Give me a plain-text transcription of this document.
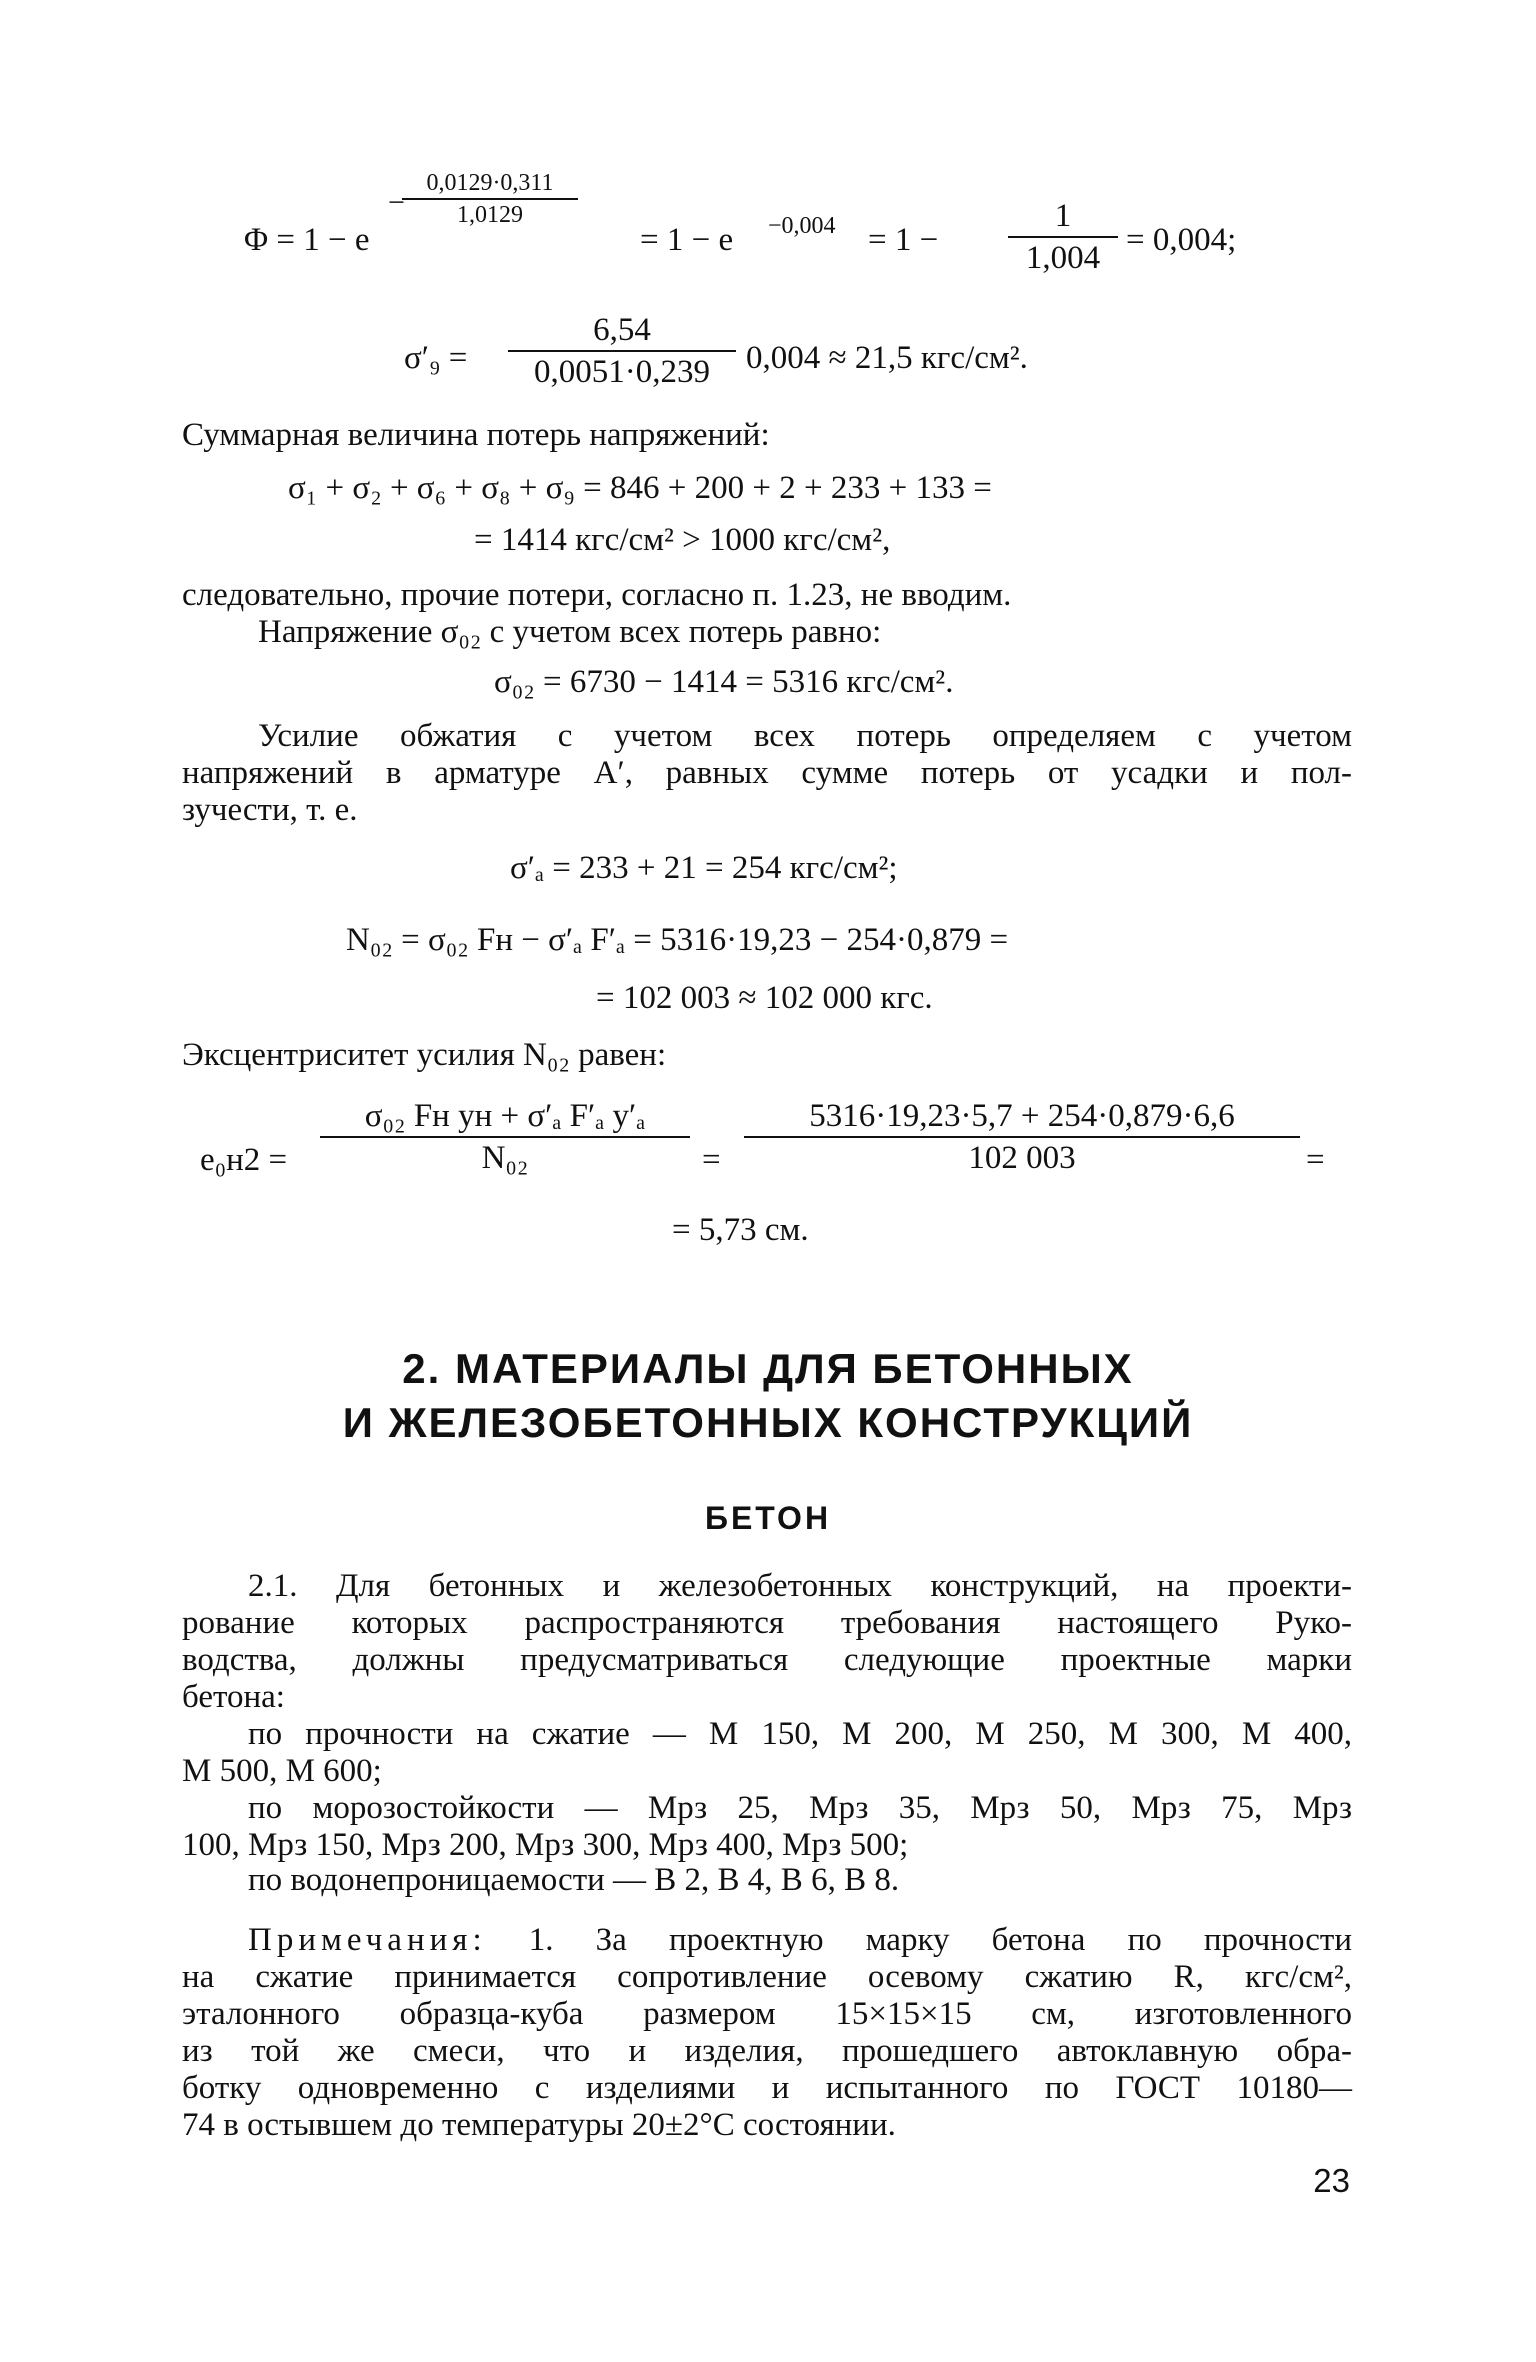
Φ = 1 − e
0,0129·0,311
1,0129
−
= 1 − e −0,004 = 1 −
1
1,004 = 0,004;
σ′₉ =
6,54
0,0051·0,239	0,004 ≈ 21,5 кгс/см².
Суммарная величина потерь напряжений:
σ₁ + σ₂ + σ₆ + σ₈ + σ₉ = 846 + 200 + 2 + 233 + 133 =
= 1414 кгс/см² > 1000 кгс/см²,
следовательно, прочие потери, согласно п. 1.23, не вводим.
Напряжение σ₀₂ с учетом всех потерь равно:
σ₀₂ = 6730 − 1414 = 5316 кгс/см².
Усилие обжатия с учетом всех потерь определяем с учетом
напряжений в арматуре A′, равных сумме потерь от усадки и пол-
зучести, т. е.
σ′ₐ = 233 + 21 = 254 кгс/см²;
N₀₂ = σ₀₂ Fн − σ′ₐ F′ₐ = 5316·19,23 − 254·0,879 =
= 102 003 ≈ 102 000 кгс.
Эксцентриситет усилия N₀₂ равен:
e₀н2 =
σ₀₂ Fн yн + σ′ₐ F′ₐ y′ₐ
N₀₂	=
5316·19,23·5,7 + 254·0,879·6,6
102 003	=
= 5,73 см.
2. МАТЕРИАЛЫ ДЛЯ БЕТОННЫХ
И ЖЕЛЕЗОБЕТОННЫХ КОНСТРУКЦИЙ
БЕТОН
2.1. Для бетонных и железобетонных конструкций, на проекти-
рование которых распространяются требования настоящего Руко-
водства, должны предусматриваться следующие проектные марки
бетона:
по прочности на сжатие — М 150, М 200, М 250, М 300, М 400,
М 500, М 600;
по морозостойкости — Мрз 25, Мрз 35, Мрз 50, Мрз 75, Мрз
100, Мрз 150, Мрз 200, Мрз 300, Мрз 400, Мрз 500;
по водонепроницаемости — В 2, В 4, В 6, В 8.
Примечания: 1. За проектную марку бетона по прочности
на сжатие принимается сопротивление осевому сжатию R, кгс/см²,
эталонного образца-куба размером 15×15×15 см, изготовленного
из той же смеси, что и изделия, прошедшего автоклавную обра-
ботку одновременно с изделиями и испытанного по ГОСТ 10180—
74 в остывшем до температуры 20±2°С состоянии.
23
